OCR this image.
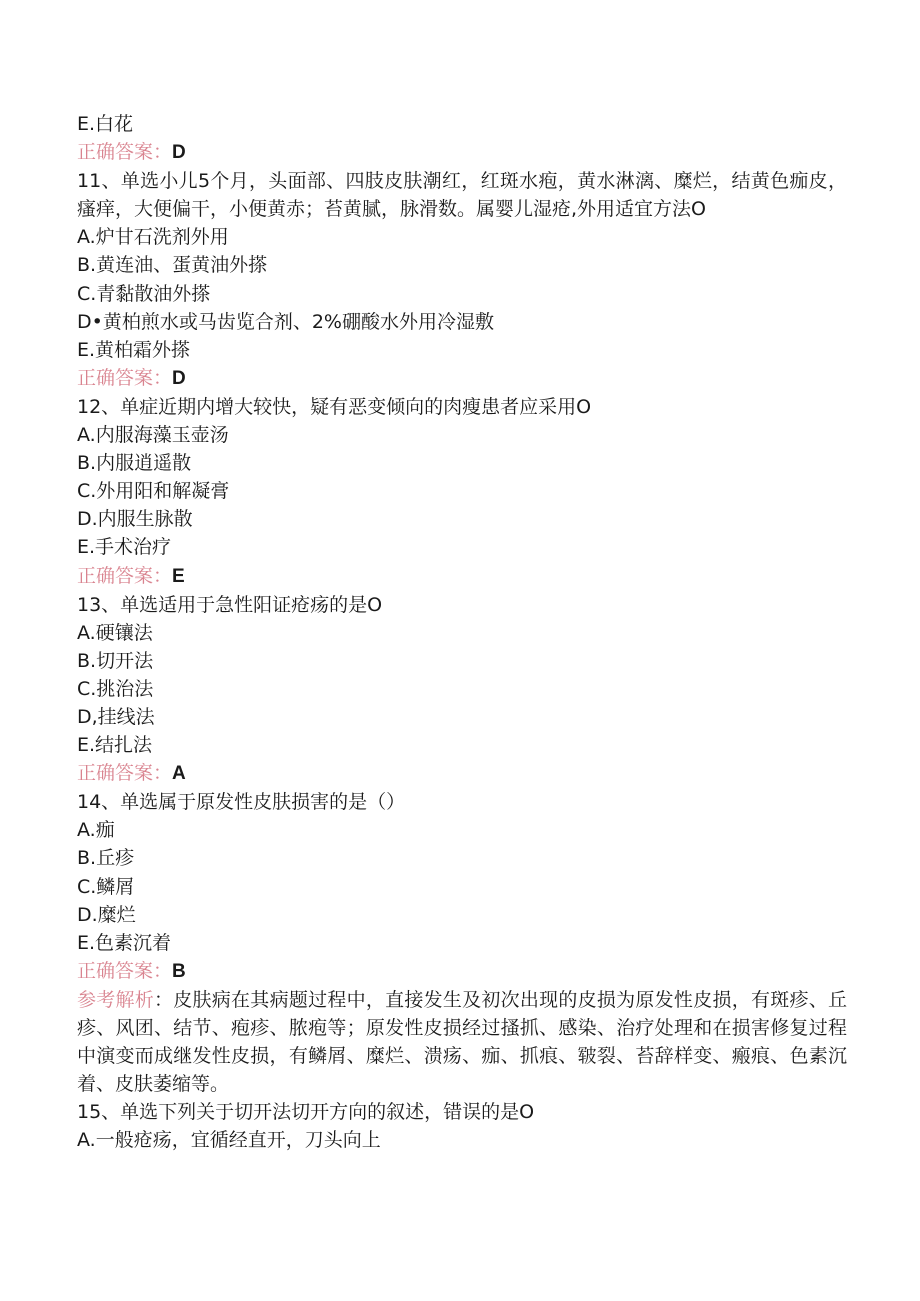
E.白花
正确答案：D
11、单选小儿5个月，头面部、四肢皮肤潮红，红斑水疱，黄水淋漓、糜烂，结黄色痂皮，瘙痒，大便偏干，小便黄赤；苔黄腻，脉滑数。属婴儿湿疮,外用适宜方法O
A.炉甘石洗剂外用
B.黄连油、蛋黄油外搽
C.青黏散油外搽
D•黄柏煎水或马齿览合剂、2%硼酸水外用冷湿敷
E.黄柏霜外搽
正确答案：D
12、单症近期内增大较快，疑有恶变倾向的肉瘦患者应采用O
A.内服海藻玉壶汤
B.内服逍遥散
C.外用阳和解凝膏
D.内服生脉散
E.手术治疗
正确答案：E
13、单选适用于急性阳证疮疡的是O
A.硬镶法
B.切开法
C.挑治法
D,挂线法
E.结扎法
正确答案：A
14、单选属于原发性皮肤损害的是（）
A.痂
B.丘疹
C.鳞屑
D.糜烂
E.色素沉着
正确答案：B
参考解析：皮肤病在其病题过程中，直接发生及初次出现的皮损为原发性皮损，有斑疹、丘疹、风团、结节、疱疹、脓疱等；原发性皮损经过搔抓、感染、治疗处理和在损害修复过程中演变而成继发性皮损，有鳞屑、糜烂、溃疡、痂、抓痕、皲裂、苔辞样变、瘢痕、色素沉着、皮肤萎缩等。
15、单选下列关于切开法切开方向的叙述，错误的是O
A.一般疮疡，宜循经直开，刀头向上
